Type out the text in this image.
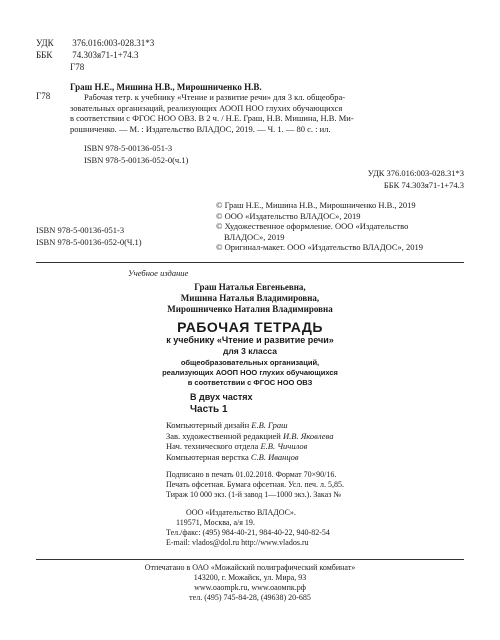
УДК 376.016:003-028.31*3
ББК 74.303я71-1+74.3
Г78
Г78
Граш Н.Е., Мишина Н.В., Мирошниченко Н.В.
Рабочая тетр. к учебнику «Чтение и развитие речи» для 3 кл. общеобра-
зовательных организаций, реализующих АООП НОО глухих обучающихся
в соответствии с ФГОС НОО ОВЗ. В 2 ч. / Н.Е. Граш, Н.В. Мишина, Н.В. Ми-
рошниченко. — М. : Издательство ВЛАДОС, 2019. — Ч. 1. — 80 с. : ил.
ISBN 978-5-00136-051-3
ISBN 978-5-00136-052-0(ч.1)
УДК 376.016:003-028.31*3
ББК 74.303я71-1+74.3
ISBN 978-5-00136-051-3
ISBN 978-5-00136-052-0(Ч.1)
© Граш Н.Е., Мишина Н.В., Мирошниченко Н.В., 2019
© ООО «Издательство ВЛАДОС», 2019
© Художественное оформление. ООО «Издательство
ВЛАДОС», 2019
© Оригинал-макет. ООО «Издательство ВЛАДОС», 2019
Учебное издание
Граш Наталья Евгеньевна,
Мишина Наталья Владимировна,
Мирошниченко Наталия Владимировна
РАБОЧАЯ ТЕТРАДЬ
к учебнику «Чтение и развитие речи»
для 3 класса
общеобразовательных организаций,
реализующих АООП НОО глухих обучающихся
в соответствии с ФГОС НОО ОВЗ
В двух частях
Часть 1
Компьютерный дизайн Е.В. Граш
Зав. художественной редакцией И.В. Яковлева
Нач. технического отдела Е.В. Чичилов
Компьютерная верстка С.В. Иванцов
Подписано в печать 01.02.2018. Формат 70×90/16.
Печать офсетная. Бумага офсетная. Усл. печ. л. 5,85.
Тираж 10 000 экз. (1-й завод 1—1000 экз.). Заказ №
ООО «Издательство ВЛАДОС».
119571, Москва, а/я 19.
Тел./факс: (495) 984-40-21, 984-40-22, 940-82-54
E-mail: vlados@dol.ru http://www.vlados.ru
Отпечатано в ОАО «Можайский полиграфический комбинат»
143200, г. Можайск, ул. Мира, 93
www.oaompk.ru, www.оаомпк.рф
тел. (495) 745-84-28, (49638) 20-685
